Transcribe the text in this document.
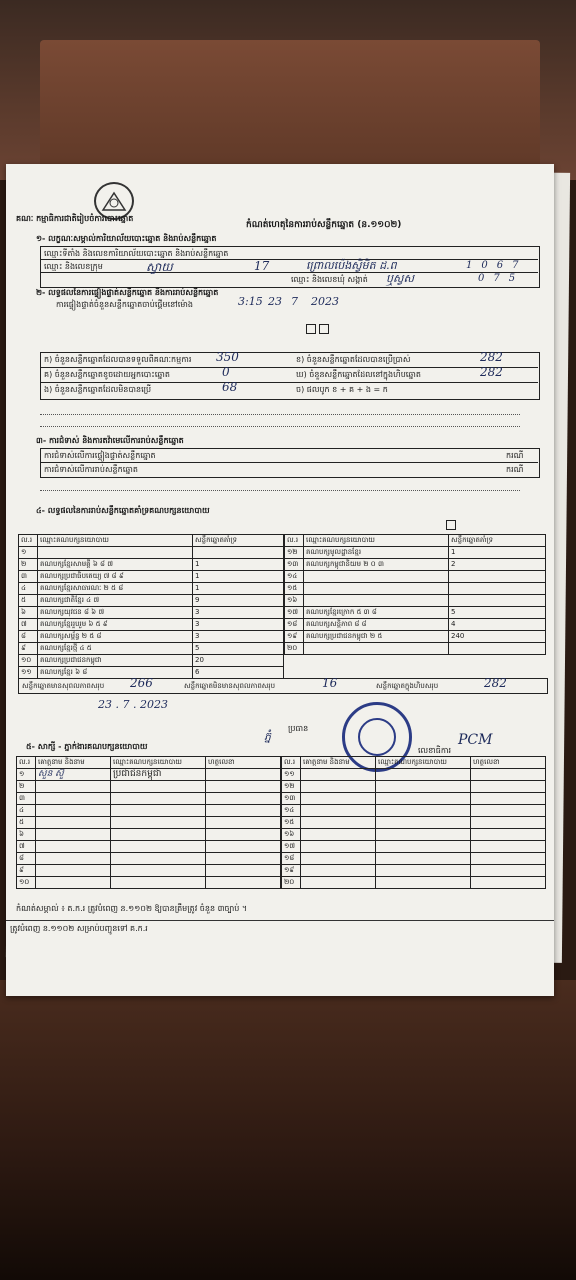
គណៈ កម្មាធិការជាតិរៀបចំការបោះឆ្នោត
កំណត់ហេតុនៃការរាប់សន្លឹកឆ្នោត (ន.១១០២)
១- លក្ខណៈសម្គាល់ការិយាល័យបោះឆ្នោត និងរាប់សន្លឹកឆ្នោត
ឈ្មោះទីតាំង និងលេខការិយាល័យបោះឆ្នោត និងរាប់សន្លឹកឆ្នោត
ឈ្មោះ និងលេខក្រុម	ស្វាយ	17	ព្រោលប៉េងស្វិមិត ដ.ព
ឈ្មោះ និងលេខឃុំ សង្កាត់ ឬស្វស
1067
075
២- លទ្ធផលនៃការផ្ទៀងផ្ទាត់សន្លឹកឆ្នោត និងការរាប់សន្លឹកឆ្នោត
ការផ្ទៀងផ្ទាត់ចំនួនសន្លឹកឆ្នោតចាប់ផ្តើមនៅម៉ោង	3:15 23 7 2023

ក) ចំនួនសន្លឹកឆ្នោតដែលបានទទួលពីគណៈកម្មការ 350	ខ) ចំនួនសន្លឹកឆ្នោតដែលបានប្រើប្រាស់	282
គ) ចំនួនសន្លឹកឆ្នោតខូចដោយអ្នកបោះឆ្នោត	0	ឃ) ចំនួនសន្លឹកឆ្នោតដែលនៅក្នុងហិបឆ្នោត	282
ង) ចំនួនសន្លឹកឆ្នោតដែលមិនបានប្រើ	68	ច) ផលបូក ខ + គ + ង = ក
៣- ការជំទាស់ និងការតវ៉ាមេលើការរាប់សន្លឹកឆ្នោត
ការជំទាស់លើការផ្ទៀងផ្ទាត់សន្លឹកឆ្នោត
ការជំទាស់លើការរាប់សន្លឹកឆ្នោត
ករណី
ករណី
៤- លទ្ធផលនៃការរាប់សន្លឹកឆ្នោតគាំទ្រគណបក្សនយោបាយ
ល.រ	ឈ្មោះគណបក្សនយោបាយ	សន្លឹកឆ្នោតគាំទ្រ
១		
២	គណបក្សខ្មែរសាមគ្គី ៦ ៨ ៧	1
៣	គណបក្សប្រជាធិបតេយ្យ ៧ ៨ ៩	1
៤	គណបក្សខ្មែរសាធារណៈ ២ ៥ ៨	1
៥	គណបក្សជាតិខ្មែរ ៤ ៧	9
៦	គណបក្សយុវជន ៨ ៦ ៧	3
៧	គណបក្សខ្មែររួបរួម ៦ ៥ ៩	3
៨	គណបក្សសម្ព័ន្ធ ២ ៥ ៨	3
៩	គណបក្សខ្មែរថ្មី ៤ ៥	5
១០	គណបក្សប្រជាជនកម្ពុជា	20
១១	គណបក្សខ្មែរ ៦ ៨	6
ល.រ	ឈ្មោះគណបក្សនយោបាយ	សន្លឹកឆ្នោតគាំទ្រ
១២	គណបក្សមូលដ្ឋានខ្មែរ	1
១៣	គណបក្សកម្ពុជានិយម ២ ០ ៣	2
១៤		
១៥		
១៦		
១៧	គណបក្សខ្មែរក្រោក ៥ ៣ ៨	5
១៨	គណបក្សសន្តិភាព ៨ ៨	4
១៩	គណបក្សប្រជាជនកម្ពុជា ២ ៥	240
២០		
សន្លឹកឆ្នោតមានសុពលភាពសរុប 266	សន្លឹកឆ្នោតមិនមានសុពលភាពសរុប	16	សន្លឹកឆ្នោតក្នុងហិបសរុប	282
23 . 7 . 2023
ប្រធាន
ភ្នំ
លេខាធិការ
PCM
៥- សាក្សី - ភ្នាក់ងារគណបក្សនយោបាយ
ល.រ	គោត្តនាម និងនាម	ឈ្មោះគណបក្សនយោបាយ	ហត្ថលេខា
១	សួ៎ន ស៊ួ	ប្រជាជនកម្ពុជា	
២			
៣			
៤			
៥			
៦			
៧			
៨			
៩			
១០			
ល.រ	គោត្តនាម និងនាម	ឈ្មោះគណបក្សនយោបាយ	ហត្ថលេខា
១១			
១២			
១៣			
១៤			
១៥			
១៦			
១៧			
១៨			
១៩			
២០			
កំណត់សម្គាល់ ៖ ត.ក.រ ត្រូវបំពេញ ន.១១០២ ឱ្យបានត្រឹមត្រូវ ចំនួន ៣ច្បាប់ ។
ត្រូវបំពេញ ន.១១០២ សម្រាប់បញ្ជូនទៅ គ.ក.រ
